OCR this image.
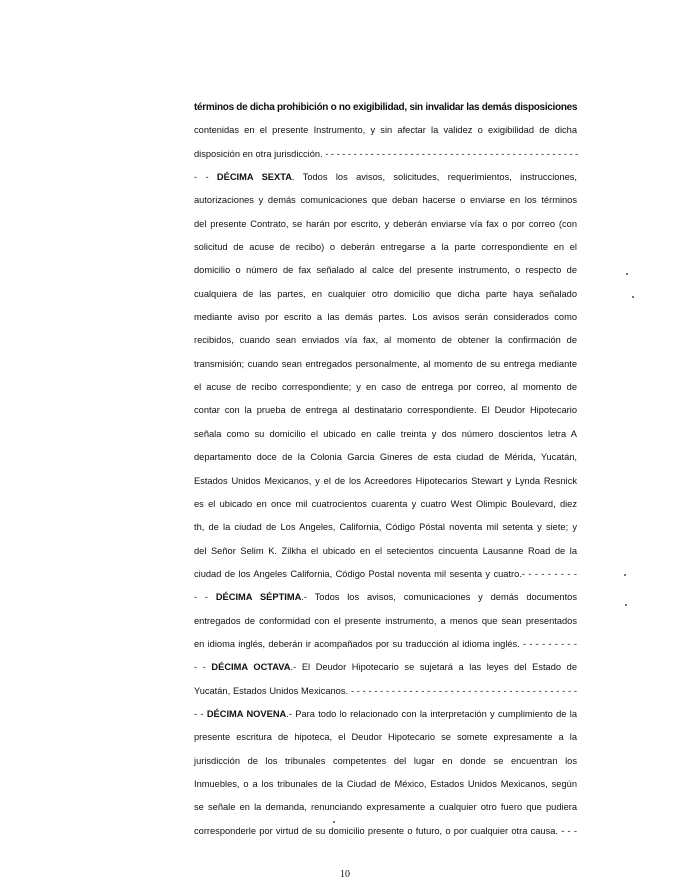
términos de dicha prohibición o no exigibilidad, sin invalidar las demás disposiciones
contenidas en el presente Instrumento, y sin afectar la validez o exigibilidad de dicha
disposición en otra jurisdicción. - - - - - - - - - - - - - - - - - - - - - - - - - - - - - - - - - - - - - - - - - - - - -
- - DÉCIMA SEXTA. Todos los avisos, solicitudes, requerimientos, instrucciones,
autorizaciones y demás comunicaciones que deban hacerse o enviarse en los términos
del presente Contrato, se harán por escrito, y deberán enviarse vía fax o por correo (con
solicitud de acuse de recibo) o deberán entregarse a la parte correspondiente en el
domicilio o número de fax señalado al calce del presente instrumento, o respecto de
cualquiera de las partes, en cualquier otro domicilio que dicha parte haya señalado
mediante aviso por escrito a las demás partes. Los avisos serán considerados como
recibidos, cuando sean enviados vía fax, al momento de obtener la confirmación de
transmisión; cuando sean entregados personalmente, al momento de su entrega mediante
el acuse de recibo correspondiente; y en caso de entrega por correo, al momento de
contar con la prueba de entrega al destinatario correspondiente. El Deudor Hipotecario
señala como su domicilio el ubicado en calle treinta y dos número doscientos letra A
departamento doce de la Colonia Garcia Gineres de esta ciudad de Mérida, Yucatán,
Estados Unidos Mexicanos, y el de los Acreedores Hipotecarios Stewart y Lynda Resnick
es el ubicado en once mil cuatrocientos cuarenta y cuatro West Olimpic Boulevard, diez
th, de la ciudad de Los Angeles, California, Código Póstal noventa mil setenta y siete; y
del Señor Selim K. Zilkha el ubicado en el setecientos cincuenta Lausanne Road de la
ciudad de los Angeles California, Código Postal noventa mil sesenta y cuatro.- - - - - - - - -
- - DÉCIMA SÉPTIMA.- Todos los avisos, comunicaciones y demás documentos
entregados de conformidad con el presente instrumento, a menos que sean presentados
en idioma inglés, deberán ir acompañados por su traducción al idioma inglés. - - - - - - - - -
- - DÉCIMA OCTAVA.- El Deudor Hipotecario se sujetará a las leyes del Estado de
Yucatán, Estados Unidos Mexicanos. - - - - - - - - - - - - - - - - - - - - - - - - - - - - - - - - - - - - - - -
- - DÉCIMA NOVENA.- Para todo lo relacionado con la interpretación y cumplimiento de la
presente escritura de hipoteca, el Deudor Hipotecario se somete expresamente a la
jurisdicción de los tribunales competentes del lugar en donde se encuentran los
Inmuebles, o a los tribunales de la Ciudad de México, Estados Unidos Mexicanos, según
se señale en la demanda, renunciando expresamente a cualquier otro fuero que pudiera
corresponderle por virtud de su domicilio presente o futuro, o por cualquier otra causa. - - -
10
